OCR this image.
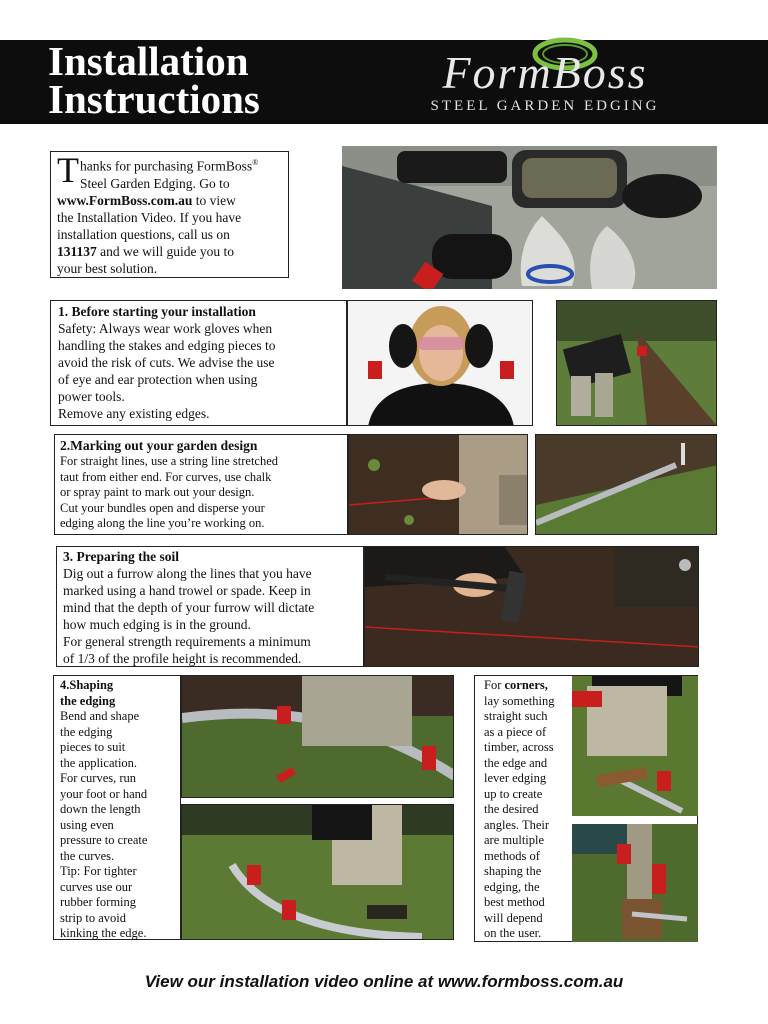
Installation
Instructions
FormBoss
STEEL GARDEN EDGING
T hanks for purchasing FormBoss®
Steel Garden Edging. Go to
www.FormBoss.com.au to view

the Installation Video. If you have
installation questions, call us on
131137 and we will guide you to
your best solution.
1. Before starting your installation
Safety: Always wear work gloves when
handling the stakes and edging pieces to
avoid the risk of cuts. We advise the use
of eye and ear protection when using
power tools.
Remove any existing edges.
2.Marking out your garden design
For straight lines, use a string line stretched
taut from either end. For curves, use chalk
or spray paint to mark out your design.
Cut your bundles open and disperse your
edging along the line you’re working on.
3. Preparing the soil
Dig out a furrow along the lines that you have
marked using a hand trowel or spade. Keep in
mind that the depth of your furrow will dictate
how much edging is in the ground.
For general strength requirements a minimum
of 1/3 of the profile height is recommended.
4.Shaping
the edging
Bend and shape
the edging
pieces to suit
the application.
For curves, run
your foot or hand
down the length
using even
pressure to create
the curves.
Tip: For tighter
curves use our
rubber forming
strip to avoid
kinking the edge.
For corners,
lay something
straight such
as a piece of
timber, across
the edge and
lever edging
up to create
the desired
angles. Their
are multiple
methods of
shaping the
edging, the
best method
will depend
on the user.
View our installation video online at www.formboss.com.au
